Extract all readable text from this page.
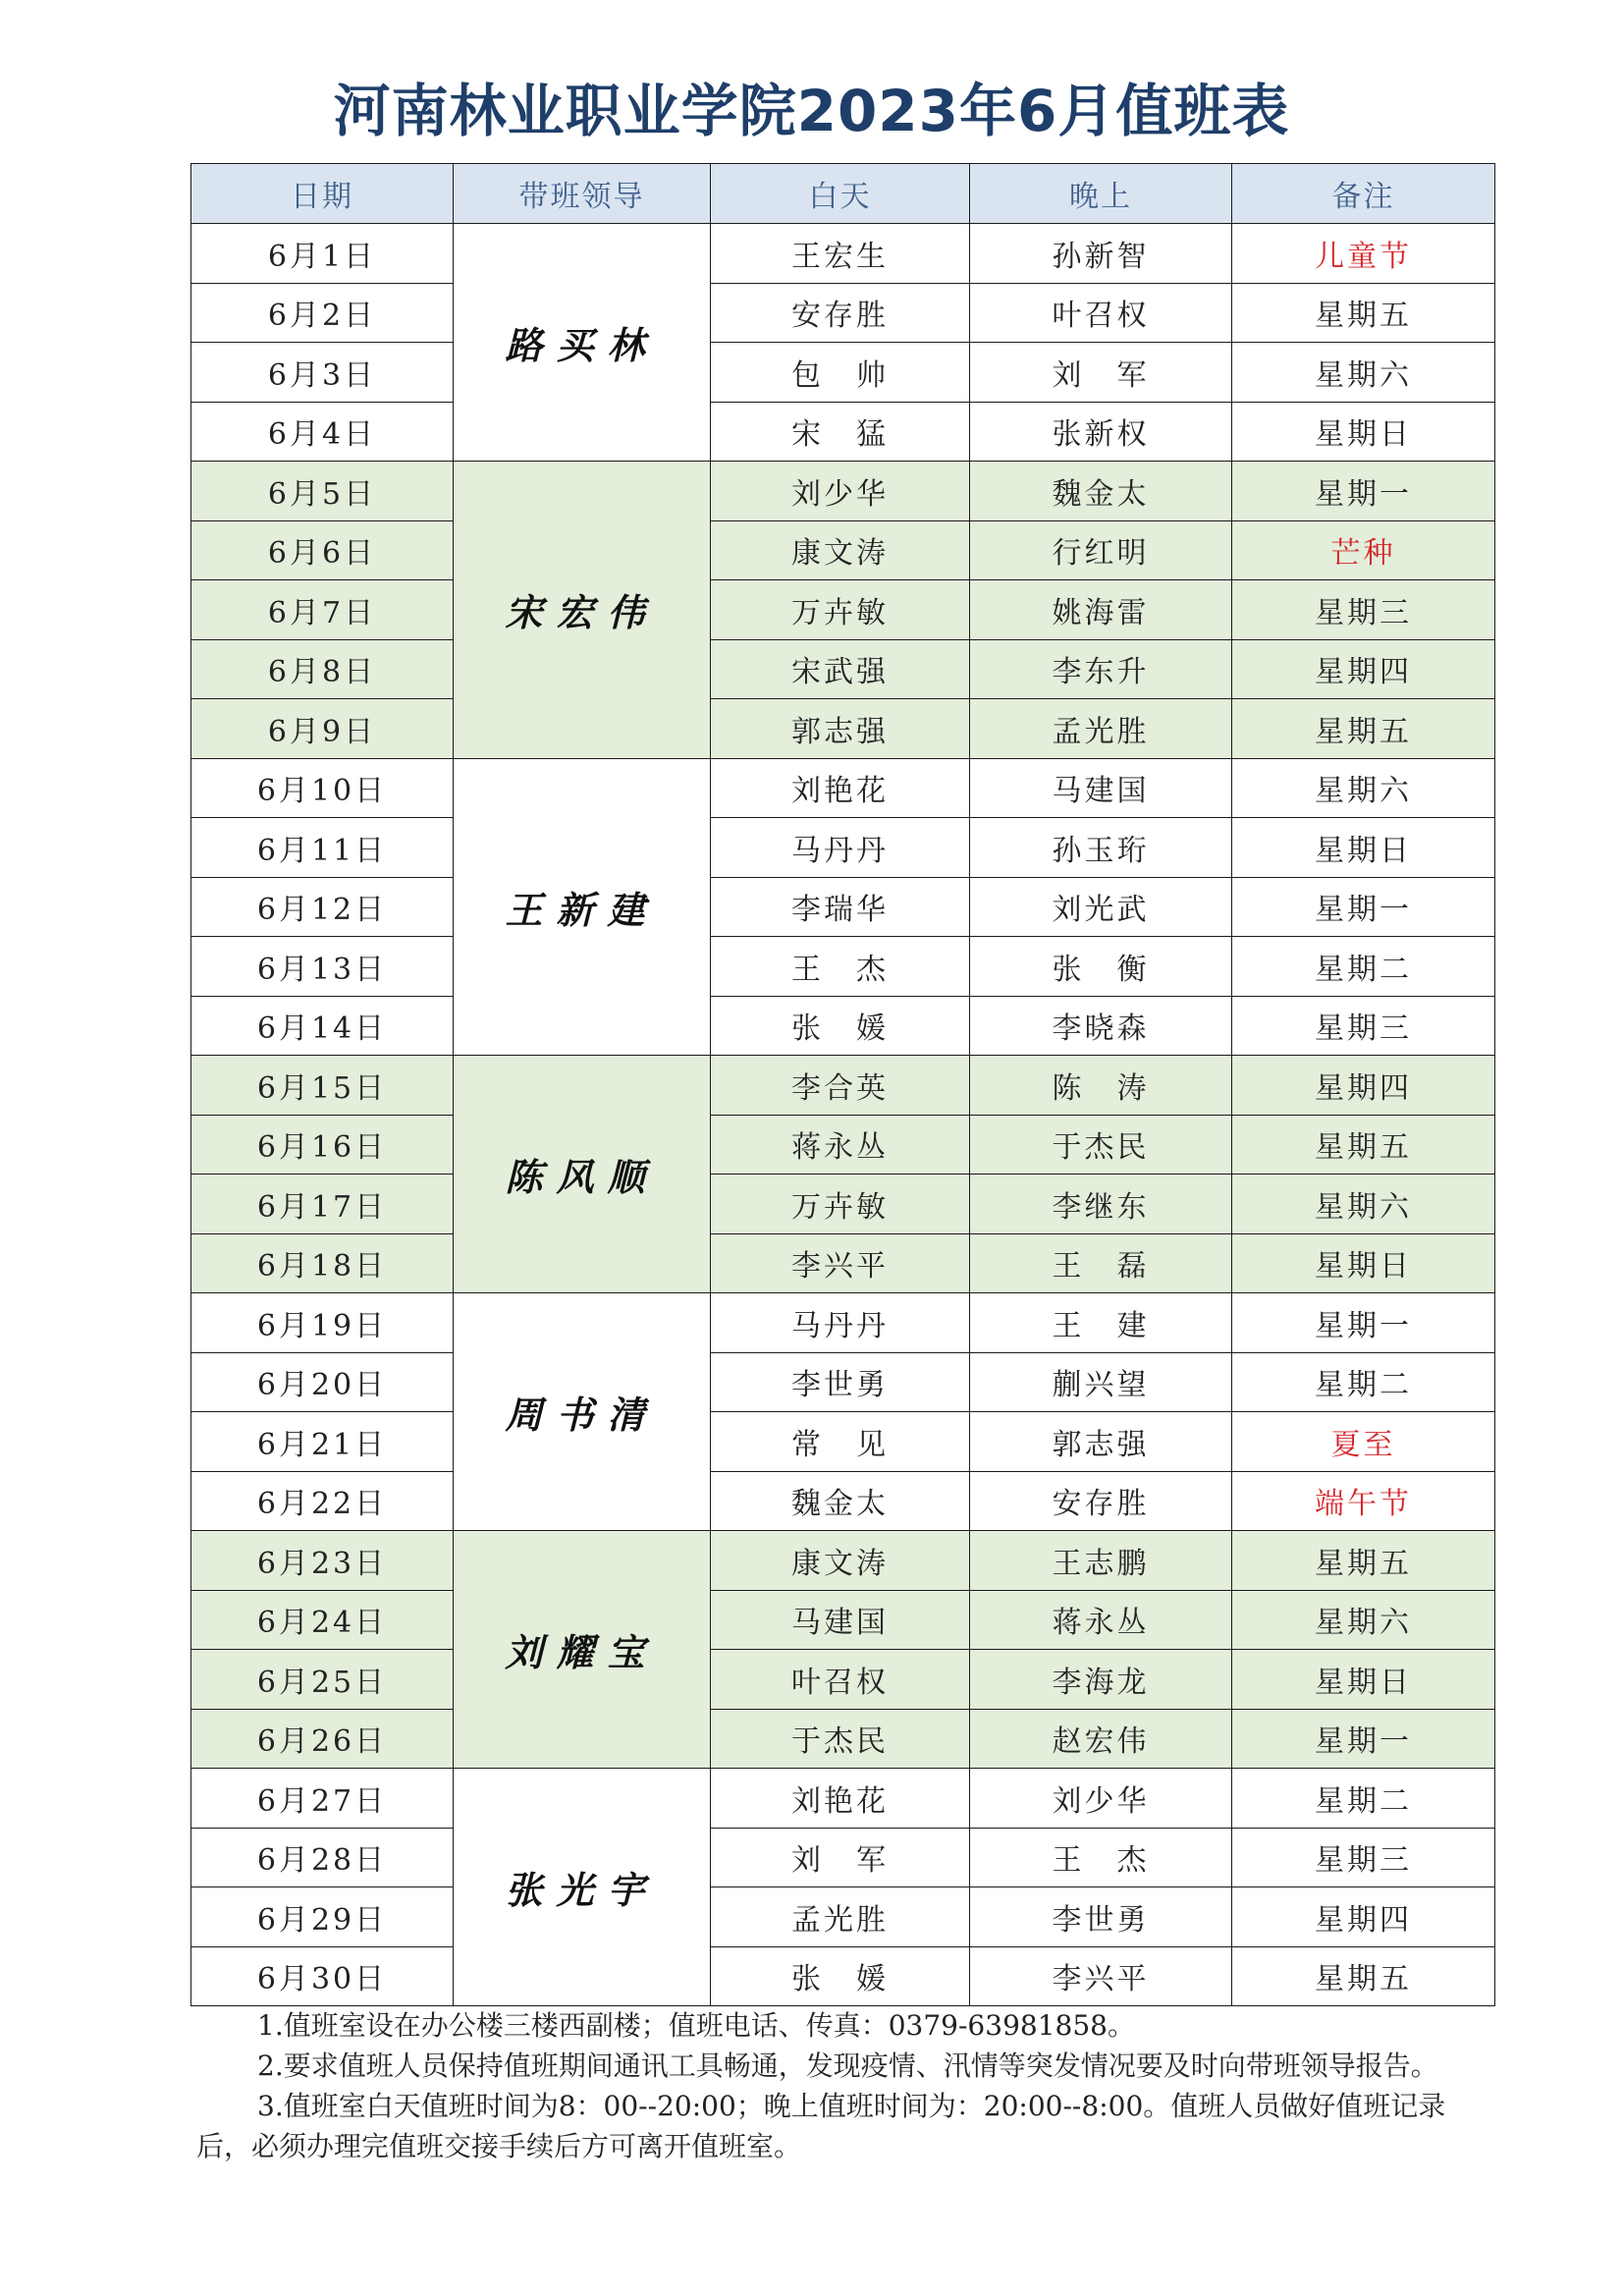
河南林业职业学院2023年6月值班表
日期	带班领导	白天	晚上	备注
6月1日	路买林	王宏生	孙新智	儿童节
6月2日		安存胜	叶召权	星期五
6月3日		包　帅	刘　军	星期六
6月4日		宋　猛	张新权	星期日
6月5日	宋宏伟	刘少华	魏金太	星期一
6月6日		康文涛	行红明	芒种
6月7日		万卉敏	姚海雷	星期三
6月8日		宋武强	李东升	星期四
6月9日		郭志强	孟光胜	星期五
6月10日	王新建	刘艳花	马建国	星期六
6月11日		马丹丹	孙玉珩	星期日
6月12日		李瑞华	刘光武	星期一
6月13日		王　杰	张　衡	星期二
6月14日		张　媛	李晓森	星期三
6月15日	陈风顺	李合英	陈　涛	星期四
6月16日		蒋永丛	于杰民	星期五
6月17日		万卉敏	李继东	星期六
6月18日		李兴平	王　磊	星期日
6月19日	周书清	马丹丹	王　建	星期一
6月20日		李世勇	蒯兴望	星期二
6月21日		常　见	郭志强	夏至
6月22日		魏金太	安存胜	端午节
6月23日	刘耀宝	康文涛	王志鹏	星期五
6月24日		马建国	蒋永丛	星期六
6月25日		叶召权	李海龙	星期日
6月26日		于杰民	赵宏伟	星期一
6月27日	张光宇	刘艳花	刘少华	星期二
6月28日		刘　军	王　杰	星期三
6月29日		孟光胜	李世勇	星期四
6月30日		张　媛	李兴平	星期五

1.值班室设在办公楼三楼西副楼；值班电话、传真：0379-63981858。

2.要求值班人员保持值班期间通讯工具畅通，发现疫情、汛情等突发情况要及时向带班领导报告。

3.值班室白天值班时间为8：00--20:00；晚上值班时间为：20:00--8:00。值班人员做好值班记录后，必须办理完值班交接手续后方可离开值班室。
